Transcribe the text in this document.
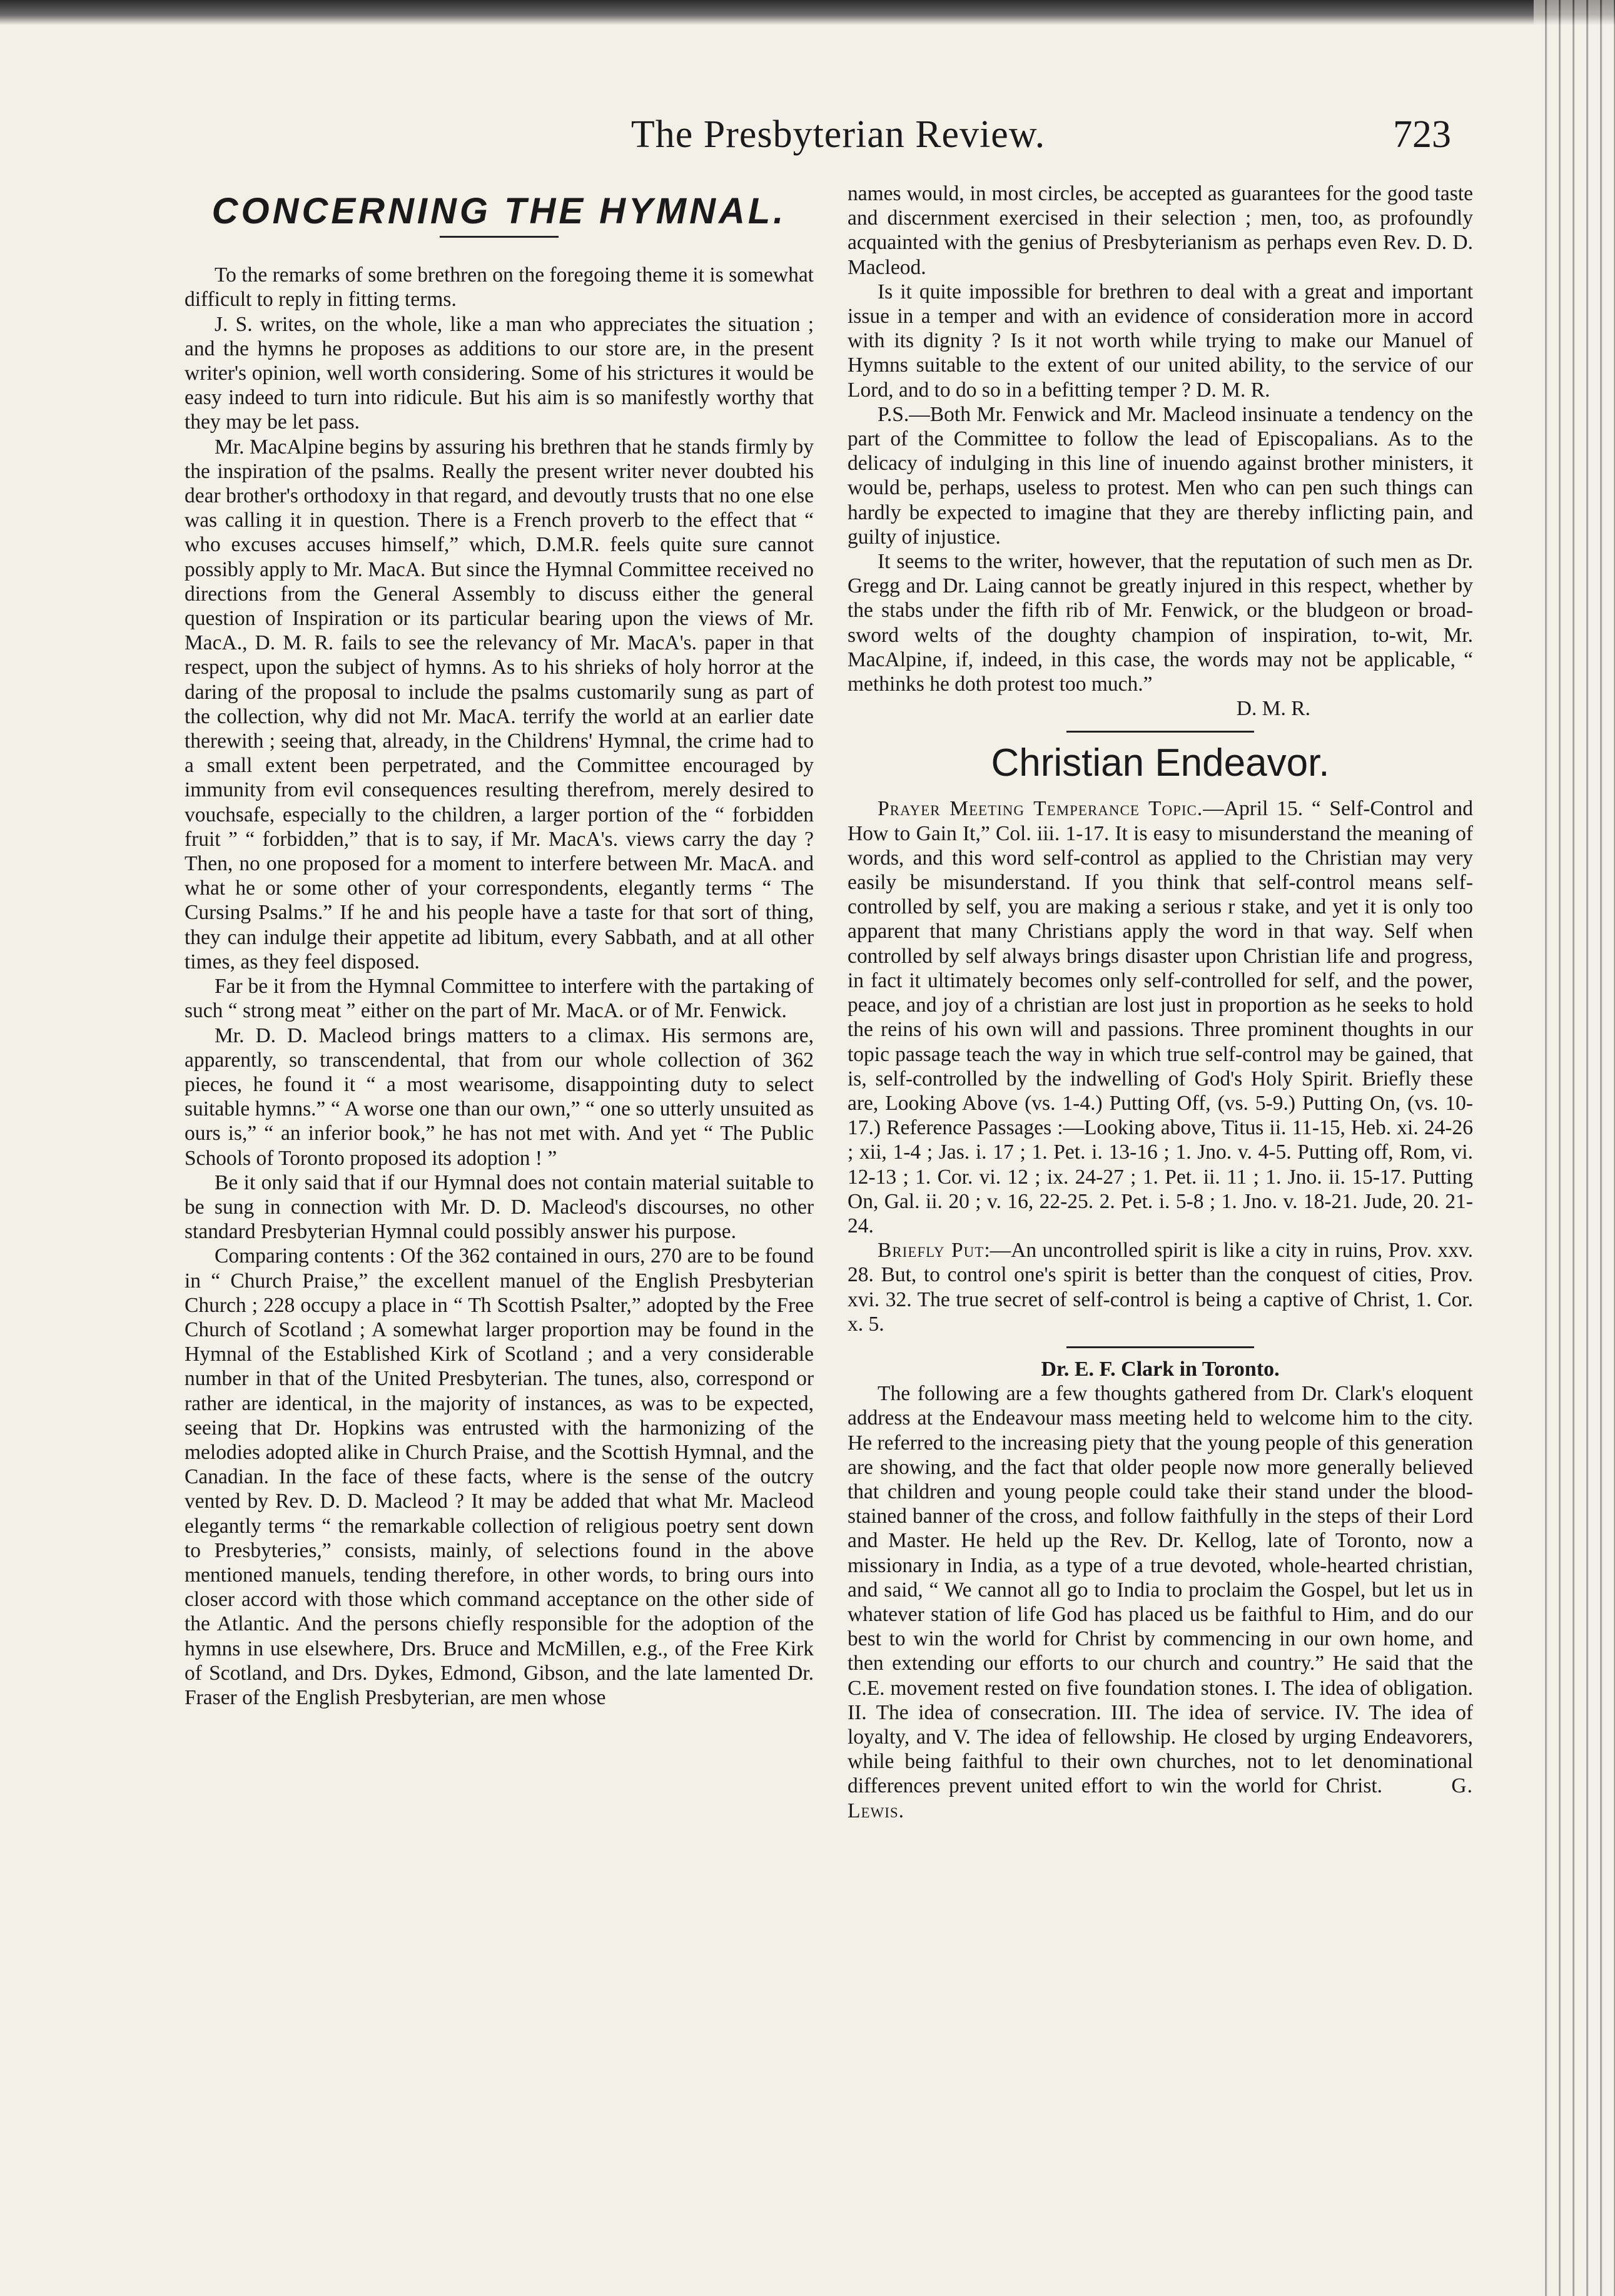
The Presbyterian Review.	723
CONCERNING THE HYMNAL.

To the remarks of some brethren on the foregoing theme it is somewhat difficult to reply in fitting terms.

J. S. writes, on the whole, like a man who appreciates the situation ; and the hymns he proposes as additions to our store are, in the present writer's opinion, well worth considering. Some of his strictures it would be easy indeed to turn into ridicule. But his aim is so manifestly worthy that they may be let pass.

Mr. MacAlpine begins by assuring his brethren that he stands firmly by the inspiration of the psalms. Really the present writer never doubted his dear brother's orthodoxy in that regard, and devoutly trusts that no one else was calling it in question. There is a French proverb to the effect that “ who excuses accuses himself,” which, D.M.R. feels quite sure cannot possibly apply to Mr. MacA. But since the Hymnal Committee received no directions from the General Assembly to discuss either the general question of Inspiration or its particular bearing upon the views of Mr. MacA., D. M. R. fails to see the relevancy of Mr. MacA's. paper in that respect, upon the subject of hymns. As to his shrieks of holy horror at the daring of the proposal to include the psalms customarily sung as part of the collection, why did not Mr. MacA. terrify the world at an earlier date therewith ; seeing that, already, in the Childrens' Hymnal, the crime had to a small extent been perpetrated, and the Committee encouraged by immunity from evil consequences resulting therefrom, merely desired to vouchsafe, especially to the children, a larger portion of the “ forbidden fruit ” “ forbidden,” that is to say, if Mr. MacA's. views carry the day ? Then, no one proposed for a moment to interfere between Mr. MacA. and what he or some other of your correspondents, elegantly terms “ The Cursing Psalms.” If he and his people have a taste for that sort of thing, they can indulge their appetite ad libitum, every Sabbath, and at all other times, as they feel disposed.

Far be it from the Hymnal Committee to interfere with the partaking of such “ strong meat ” either on the part of Mr. MacA. or of Mr. Fenwick.

Mr. D. D. Macleod brings matters to a climax. His sermons are, apparently, so transcendental, that from our whole collection of 362 pieces, he found it “ a most wearisome, disappointing duty to select suitable hymns.” “ A worse one than our own,” “ one so utterly unsuited as ours is,” “ an inferior book,” he has not met with. And yet “ The Public Schools of Toronto proposed its adoption ! ”

Be it only said that if our Hymnal does not contain material suitable to be sung in connection with Mr. D. D. Macleod's discourses, no other standard Presbyterian Hymnal could possibly answer his purpose.

Comparing contents : Of the 362 contained in ours, 270 are to be found in “ Church Praise,” the excellent manuel of the English Presbyterian Church ; 228 occupy a place in “ Th Scottish Psalter,” adopted by the Free Church of Scotland ; A somewhat larger proportion may be found in the Hymnal of the Established Kirk of Scotland ; and a very considerable number in that of the United Presbyterian. The tunes, also, correspond or rather are identical, in the majority of instances, as was to be expected, seeing that Dr. Hopkins was entrusted with the harmonizing of the melodies adopted alike in Church Praise, and the Scottish Hymnal, and the Canadian. In the face of these facts, where is the sense of the outcry vented by Rev. D. D. Macleod ? It may be added that what Mr. Macleod elegantly terms “ the remarkable collection of religious poetry sent down to Presbyteries,” consists, mainly, of selections found in the above mentioned manuels, tending therefore, in other words, to bring ours into closer accord with those which command acceptance on the other side of the Atlantic. And the persons chiefly responsible for the adoption of the hymns in use elsewhere, Drs. Bruce and McMillen, e.g., of the Free Kirk of Scotland, and Drs. Dykes, Edmond, Gibson, and the late lamented Dr. Fraser of the English Presbyterian, are men whose

names would, in most circles, be accepted as guarantees for the good taste and discernment exercised in their selection ; men, too, as profoundly acquainted with the genius of Presbyterianism as perhaps even Rev. D. D. Macleod.

Is it quite impossible for brethren to deal with a great and important issue in a temper and with an evidence of consideration more in accord with its dignity ? Is it not worth while trying to make our Manuel of Hymns suitable to the extent of our united ability, to the service of our Lord, and to do so in a befitting temper ? D. M. R.

P.S.—Both Mr. Fenwick and Mr. Macleod insinuate a tendency on the part of the Committee to follow the lead of Episcopalians. As to the delicacy of indulging in this line of inuendo against brother ministers, it would be, perhaps, useless to protest. Men who can pen such things can hardly be expected to imagine that they are thereby inflicting pain, and guilty of injustice.

It seems to the writer, however, that the reputation of such men as Dr. Gregg and Dr. Laing cannot be greatly injured in this respect, whether by the stabs under the fifth rib of Mr. Fenwick, or the bludgeon or broad-sword welts of the doughty champion of inspiration, to-wit, Mr. MacAlpine, if, indeed, in this case, the words may not be applicable, “ methinks he doth protest too much.”

D. M. R.

Christian Endeavor.

Prayer Meeting Temperance Topic.—April 15. “ Self-Control and How to Gain It,” Col. iii. 1-17. It is easy to misunderstand the meaning of words, and this word self-control as applied to the Christian may very easily be misunderstand. If you think that self-control means self-controlled by self, you are making a serious r stake, and yet it is only too apparent that many Christians apply the word in that way. Self when controlled by self always brings disaster upon Christian life and progress, in fact it ultimately becomes only self-controlled for self, and the power, peace, and joy of a christian are lost just in proportion as he seeks to hold the reins of his own will and passions. Three prominent thoughts in our topic passage teach the way in which true self-control may be gained, that is, self-controlled by the indwelling of God's Holy Spirit. Briefly these are, Looking Above (vs. 1-4.) Putting Off, (vs. 5-9.) Putting On, (vs. 10-17.) Reference Passages :—Looking above, Titus ii. 11-15, Heb. xi. 24-26 ; xii, 1-4 ; Jas. i. 17 ; 1. Pet. i. 13-16 ; 1. Jno. v. 4-5. Putting off, Rom, vi. 12-13 ; 1. Cor. vi. 12 ; ix. 24-27 ; 1. Pet. ii. 11 ; 1. Jno. ii. 15-17. Putting On, Gal. ii. 20 ; v. 16, 22-25. 2. Pet. i. 5-8 ; 1. Jno. v. 18-21. Jude, 20. 21-24.

Briefly Put:—An uncontrolled spirit is like a city in ruins, Prov. xxv. 28. But, to control one's spirit is better than the conquest of cities, Prov. xvi. 32. The true secret of self-control is being a captive of Christ, 1. Cor. x. 5.

Dr. E. F. Clark in Toronto.

The following are a few thoughts gathered from Dr. Clark's eloquent address at the Endeavour mass meeting held to welcome him to the city. He referred to the increasing piety that the young people of this generation are showing, and the fact that older people now more generally believed that children and young people could take their stand under the blood-stained banner of the cross, and follow faithfully in the steps of their Lord and Master. He held up the Rev. Dr. Kellog, late of Toronto, now a missionary in India, as a type of a true devoted, whole-hearted christian, and said, “ We cannot all go to India to proclaim the Gospel, but let us in whatever station of life God has placed us be faithful to Him, and do our best to win the world for Christ by commencing in our own home, and then extending our efforts to our church and country.” He said that the C.E. movement rested on five foundation stones. I. The idea of obligation. II. The idea of consecration. III. The idea of service. IV. The idea of loyalty, and V. The idea of fellowship. He closed by urging Endeavorers, while being faithful to their own churches, not to let denominational differences prevent united effort to win the world for Christ.	G. Lewis.
